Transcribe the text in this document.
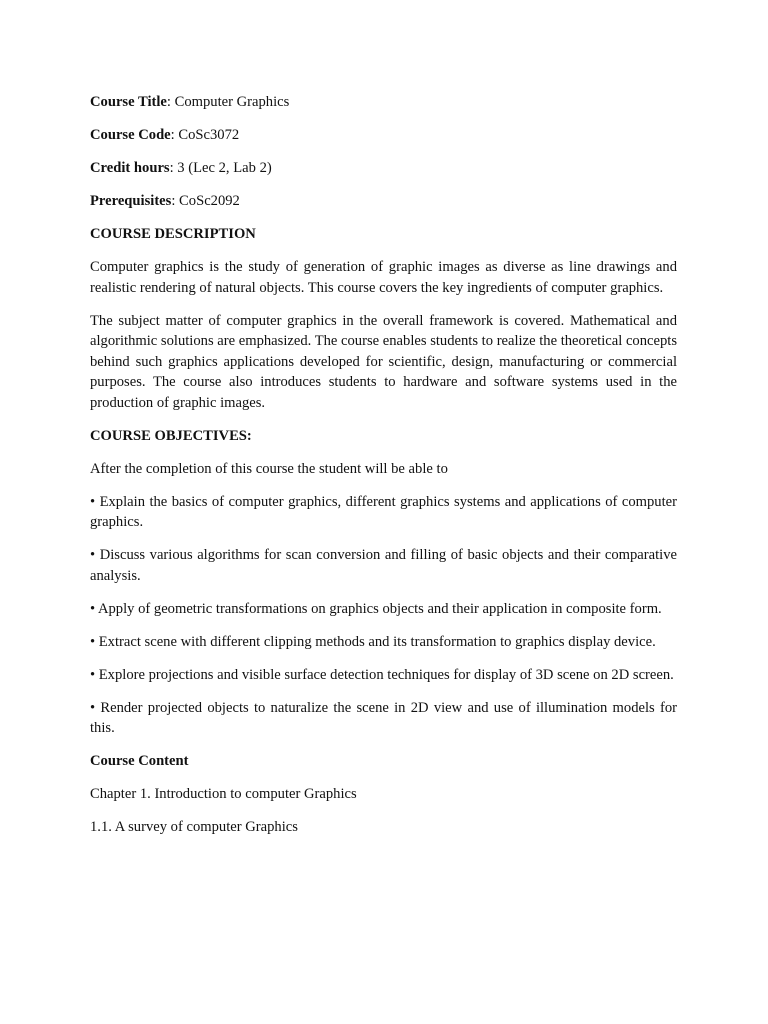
Course Title: Computer Graphics

Course Code: CoSc3072

Credit hours: 3 (Lec 2, Lab 2)

Prerequisites: CoSc2092

COURSE DESCRIPTION

Computer graphics is the study of generation of graphic images as diverse as line drawings and realistic rendering of natural objects. This course covers the key ingredients of computer graphics.

The subject matter of computer graphics in the overall framework is covered. Mathematical and algorithmic solutions are emphasized. The course enables students to realize the theoretical concepts behind such graphics applications developed for scientific, design, manufacturing or commercial purposes. The course also introduces students to hardware and software systems used in the production of graphic images.

COURSE OBJECTIVES:

After the completion of this course the student will be able to

• Explain the basics of computer graphics, different graphics systems and applications of computer graphics.

• Discuss various algorithms for scan conversion and filling of basic objects and their comparative analysis.

• Apply of geometric transformations on graphics objects and their application in composite form.

• Extract scene with different clipping methods and its transformation to graphics display device.

• Explore projections and visible surface detection techniques for display of 3D scene on 2D screen.

• Render projected objects to naturalize the scene in 2D view and use of illumination models for this.

Course Content

Chapter 1. Introduction to computer Graphics

1.1. A survey of computer Graphics
